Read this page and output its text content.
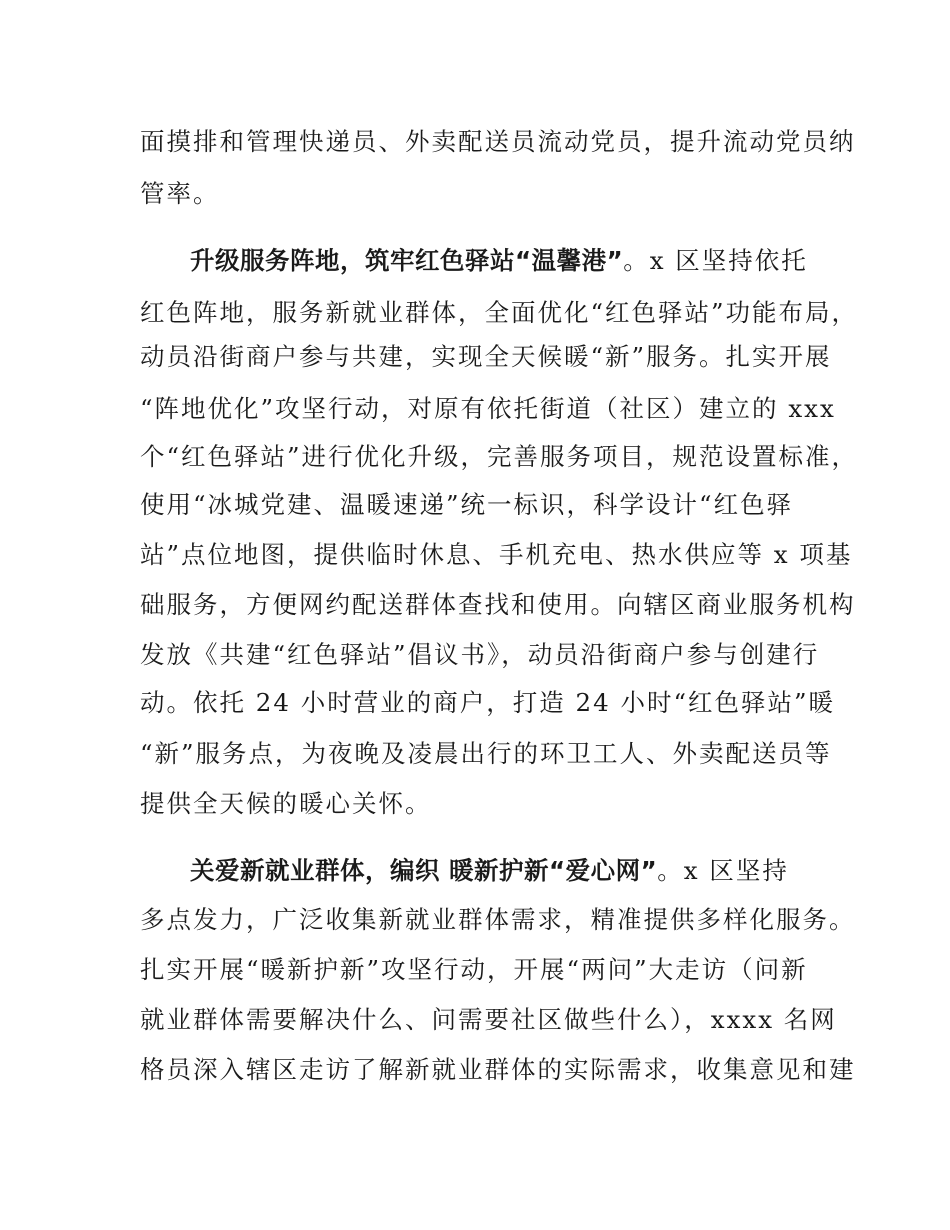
面摸排和管理快递员、外卖配送员流动党员，提升流动党员纳
管率。
升级服务阵地，筑牢红色驿站“温馨港”。x 区坚持依托
红色阵地，服务新就业群体，全面优化“红色驿站”功能布局，
动员沿街商户参与共建，实现全天候暖“新”服务。扎实开展
“阵地优化”攻坚行动，对原有依托街道（社区）建立的 xxx
个“红色驿站”进行优化升级，完善服务项目，规范设置标准，
使用“冰城党建、温暖速递”统一标识，科学设计“红色驿
站”点位地图，提供临时休息、手机充电、热水供应等 x 项基
础服务，方便网约配送群体查找和使用。向辖区商业服务机构
发放《共建“红色驿站”倡议书》，动员沿街商户参与创建行
动。依托 24 小时营业的商户，打造 24 小时“红色驿站”暖
“新”服务点，为夜晚及凌晨出行的环卫工人、外卖配送员等
提供全天候的暖心关怀。
关爱新就业群体，编织 暖新护新“爱心网”。x 区坚持
多点发力，广泛收集新就业群体需求，精准提供多样化服务。
扎实开展“暖新护新”攻坚行动，开展“两问”大走访（问新
就业群体需要解决什么、问需要社区做些什么），xxxx 名网
格员深入辖区走访了解新就业群体的实际需求，收集意见和建
